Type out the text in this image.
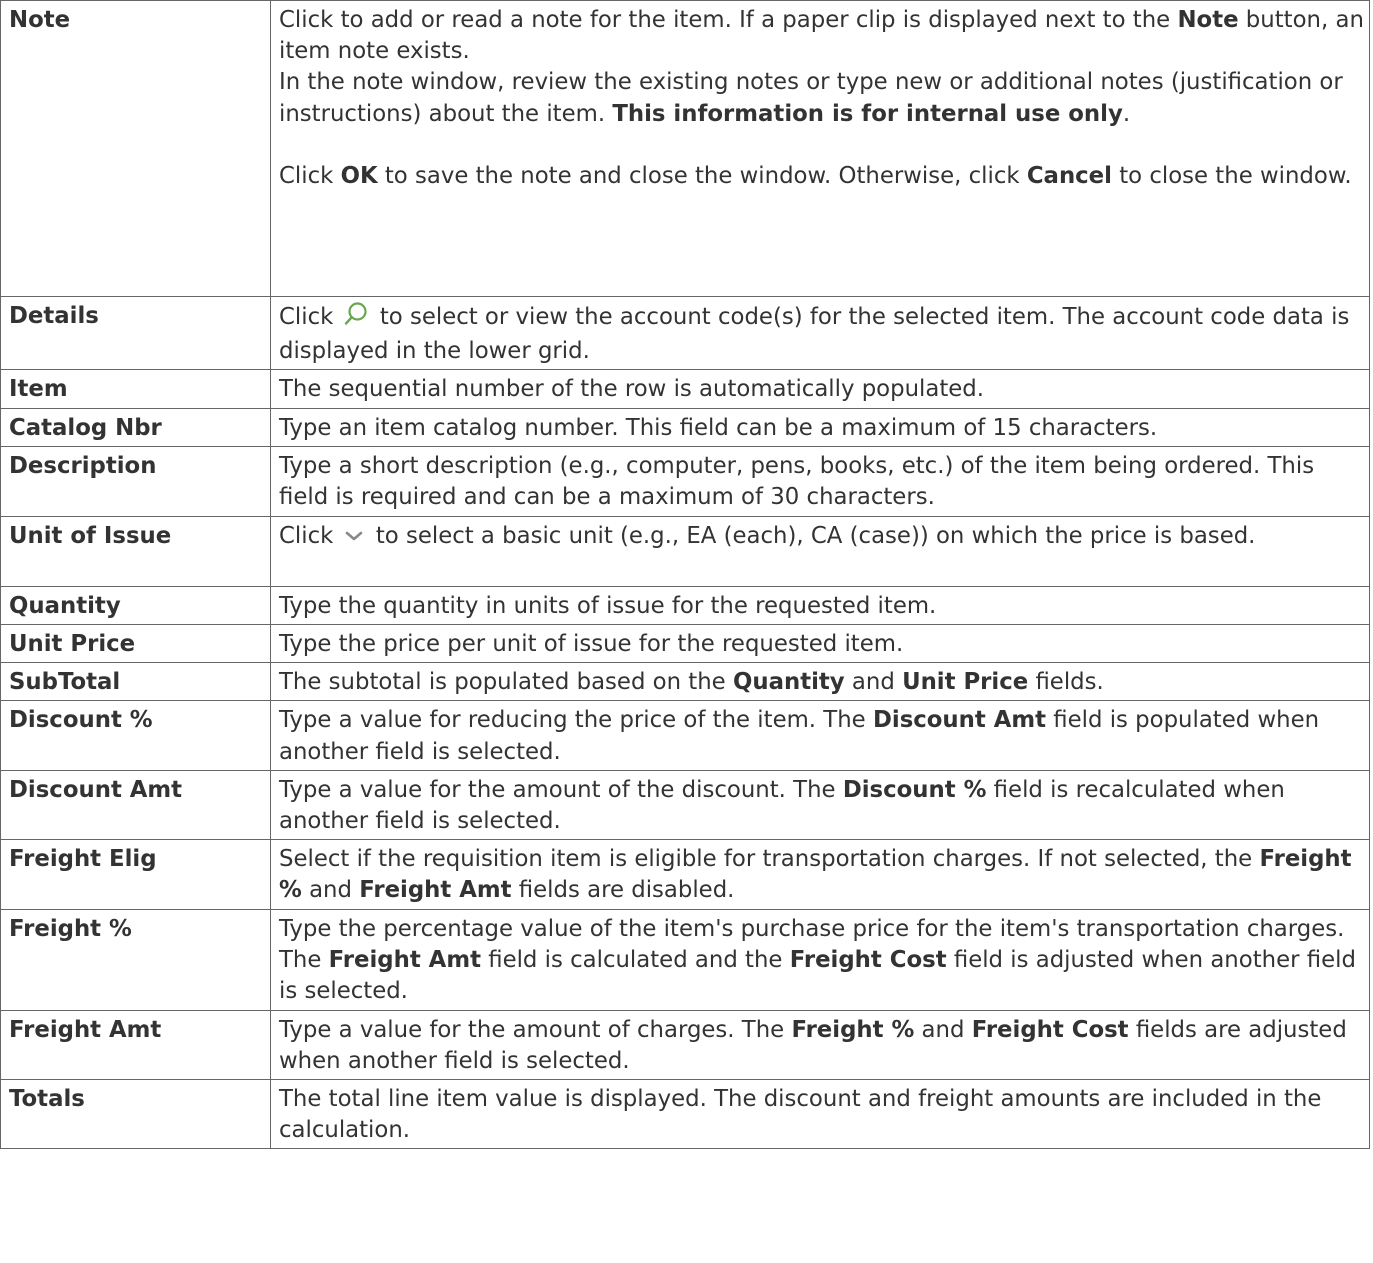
Note	Click to add or read a note for the item. If a paper clip is displayed next to the Note button, an item note exists.
In the note window, review the existing notes or type new or additional notes (justification or instructions) about the item. This information is for internal use only.
Click OK to save the note and close the window. Otherwise, click Cancel to close the window.

Details	Click  to select or view the account code(s) for the selected item. The account code data is displayed in the lower grid.
Item	The sequential number of the row is automatically populated.
Catalog Nbr	Type an item catalog number. This field can be a maximum of 15 characters.
Description	Type a short description (e.g., computer, pens, books, etc.) of the item being ordered. This field is required and can be a maximum of 30 characters.
Unit of Issue	Click  to select a basic unit (e.g., EA (each), CA (case)) on which the price is based.
Quantity	Type the quantity in units of issue for the requested item.
Unit Price	Type the price per unit of issue for the requested item.
SubTotal	The subtotal is populated based on the Quantity and Unit Price fields.
Discount %	Type a value for reducing the price of the item. The Discount Amt field is populated when another field is selected.
Discount Amt	Type a value for the amount of the discount. The Discount % field is recalculated when another field is selected.
Freight Elig	Select if the requisition item is eligible for transportation charges. If not selected, the Freight % and Freight Amt fields are disabled.
Freight %	Type the percentage value of the item's purchase price for the item's transportation charges. The Freight Amt field is calculated and the Freight Cost field is adjusted when another field is selected.
Freight Amt	Type a value for the amount of charges. The Freight % and Freight Cost fields are adjusted when another field is selected.
Totals	The total line item value is displayed. The discount and freight amounts are included in the calculation.
